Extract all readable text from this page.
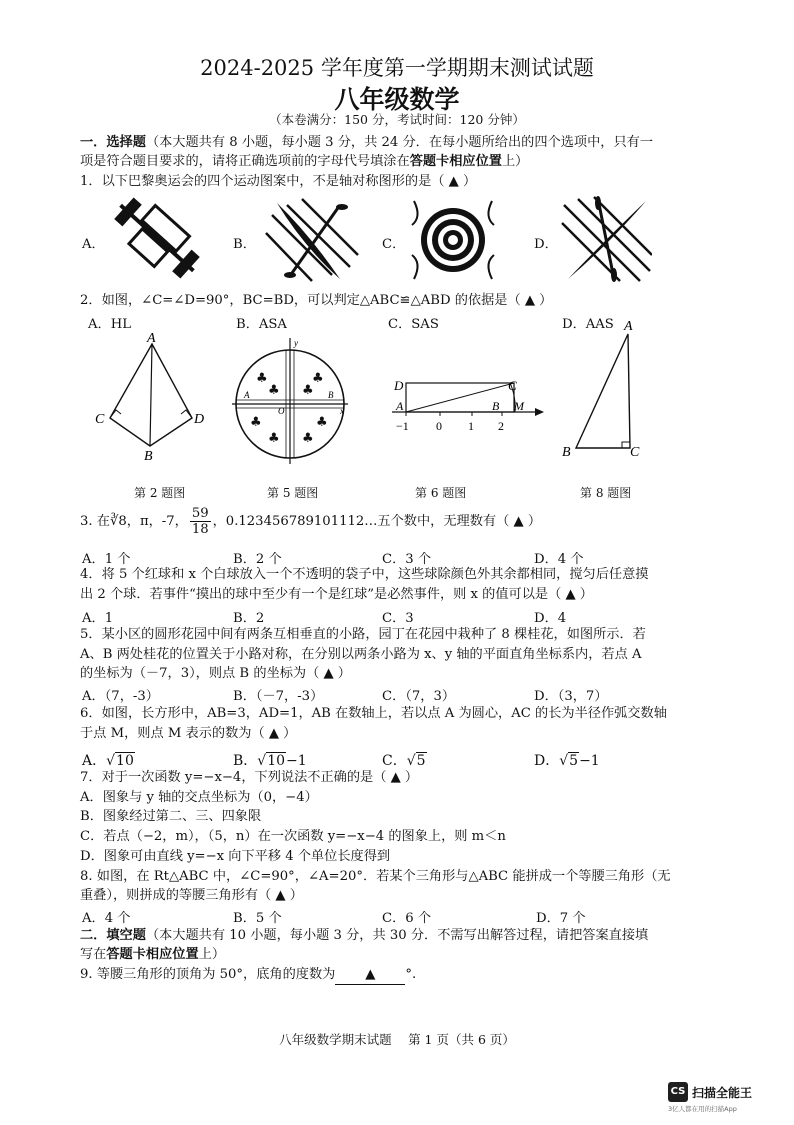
2024-2025 学年度第一学期期末测试试题
八年级数学
（本卷满分：150 分，考试时间：120 分钟）
一．选择题（本大题共有 8 小题，每小题 3 分，共 24 分．在每小题所给出的四个选项中，只有一
项是符合题目要求的，请将正确选项前的字母代号填涂在答题卡相应位置上）
1．以下巴黎奥运会的四个运动图案中，不是轴对称图形的是（ ▲ ）
A．	B．	C．	D．
2．如图，∠C=∠D=90°，BC=BD，可以判定△ABC≌△ABD 的依据是（ ▲ ）
A．HL	B．ASA	C．SAS	D．AAS
A
C	D
B
第 2 题图
♣
♣
♣
♣
♣
♣
♣
♣
A	B
O	x
y
第 5 题图
D	C
A	B M
−1 0 1 2
第 6 题图
A
B	C
第 8 题图
3. 在∛8，π，-7， $\frac{59}{18}$ ，0.123456789101112…五个数中，无理数有（ ▲ ）
A．1 个	B．2 个	C．3 个	D．4 个
4．将 5 个红球和 x 个白球放入一个不透明的袋子中，这些球除颜色外其余都相同，搅匀后任意摸
出 2 个球．若事件“摸出的球中至少有一个是红球”是必然事件，则 x 的值可以是（ ▲ ）
A．1	B．2	C．3	D．4
5．某小区的圆形花园中间有两条互相垂直的小路，园丁在花园中栽种了 8 棵桂花，如图所示．若
A、B 两处桂花的位置关于小路对称，在分别以两条小路为 x、y 轴的平面直角坐标系内，若点 A
的坐标为（－7，3），则点 B 的坐标为（ ▲ ）
A．（7，-3）	B．（－7，-3）	C．（7，3）	D．（3，7）
6．如图，长方形中，AB=3，AD=1，AB 在数轴上，若以点 A 为圆心，AC 的长为半径作弧交数轴
于点 M，则点 M 表示的数为（ ▲ ）
A．√10	B．√10−1	C．√5	D．√5−1
7．对于一次函数 y=−x−4，下列说法不正确的是（ ▲ ）
A．图象与 y 轴的交点坐标为（0，−4）
B．图象经过第二、三、四象限
C．若点（−2，m），（5，n）在一次函数 y=−x−4 的图象上，则 m＜n
D．图象可由直线 y=−x 向下平移 4 个单位长度得到
8. 如图，在 Rt△ABC 中，∠C=90°，∠A=20°．若某个三角形与△ABC 能拼成一个等腰三角形（无
重叠），则拼成的等腰三角形有（ ▲ ）
A．4 个	B．5 个	C．6 个	D．7 个
二．填空题（本大题共有 10 小题，每小题 3 分，共 30 分．不需写出解答过程，请把答案直接填
写在答题卡相应位置上）
9. 等腰三角形的顶角为 50°，底角的度数为 ▲ °.
八年级数学期末试题　 第 1 页（共 6 页）
CS 扫描全能王
3亿人都在用的扫描App
